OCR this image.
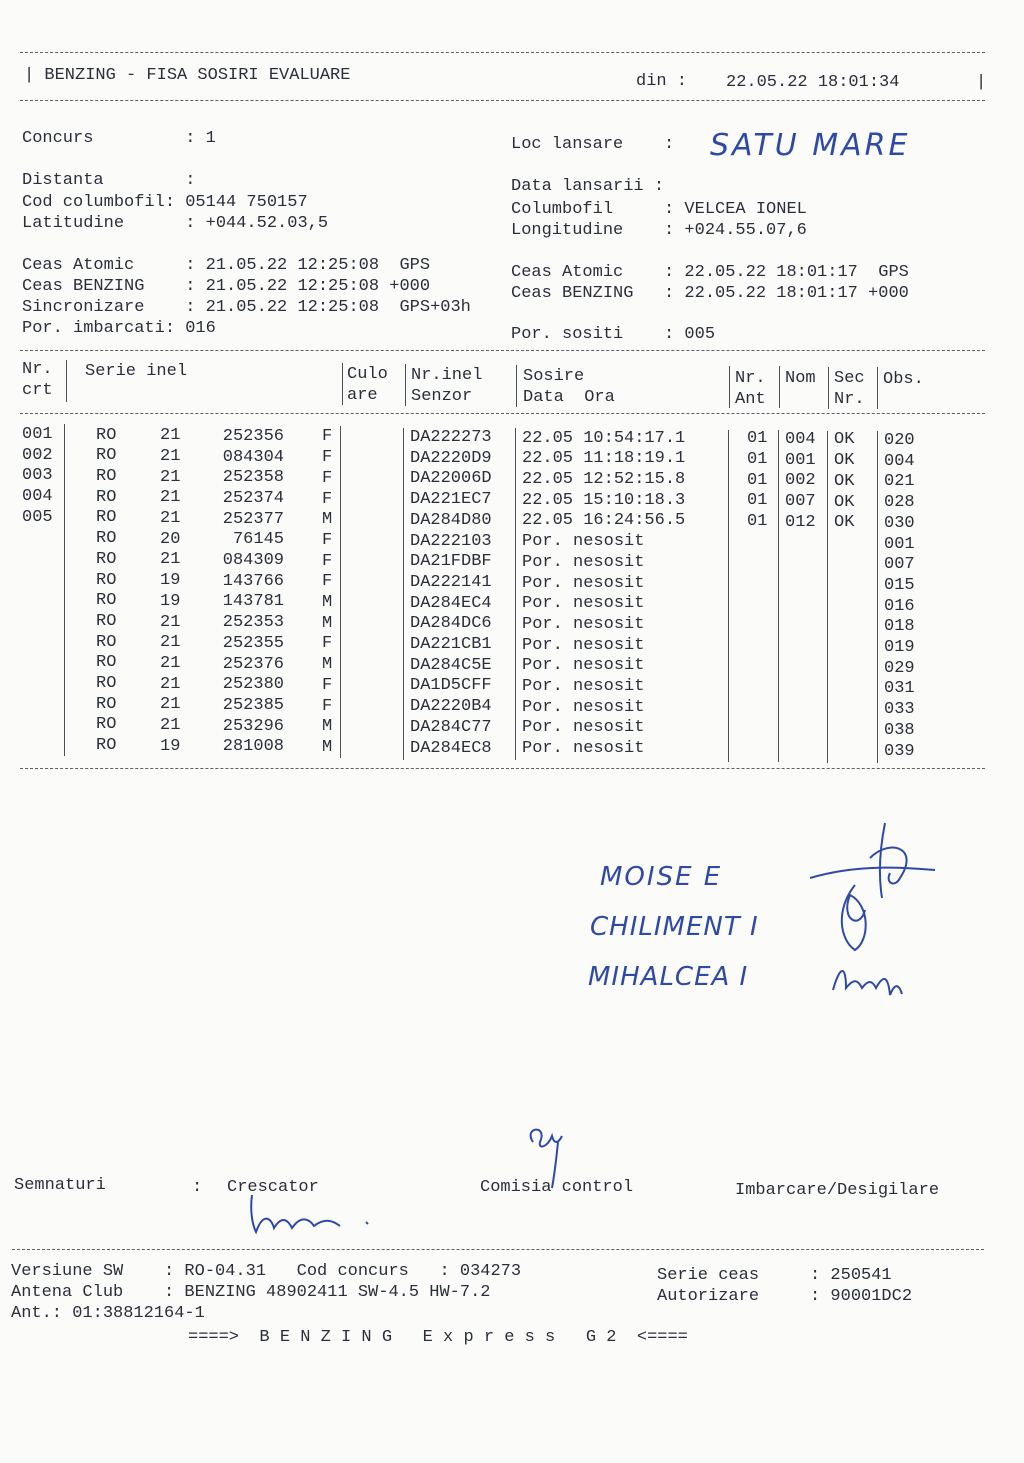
| BENZING - FISA SOSIRI EVALUARE	din : 22.05.22 18:01:34	|
Concurs         : 1	Loc lansare    : SATU MARE
Distanta        :	Data lansarii :
Cod columbofil: 05144 750157	Columbofil     : VELCEA IONEL
Latitudine      : +044.52.03,5	Longitudine    : +024.55.07,6
Ceas Atomic     : 21.05.22 12:25:08  GPS	Ceas Atomic    : 22.05.22 18:01:17  GPS
Ceas BENZING    : 21.05.22 12:25:08 +000	Ceas BENZING   : 22.05.22 18:01:17 +000
Sincronizare    : 21.05.22 12:25:08  GPS+03h
Por. imbarcati: 016	Por. sositi    : 005
Nr.
crt
Serie inel	Culo
are
Nr.inel
Senzor
Sosire
Data  Ora
Nr.
Ant
Nom Sec
Nr.
Obs.
001	RO	21	252356 F	DA222273 22.05 10:54:17.1	01 004 OK 020
002	RO	21	084304 F	DA2220D9 22.05 11:18:19.1	01 001 OK 004
003	RO	21	252358 F	DA22006D 22.05 12:52:15.8	01 002 OK 021
004	RO	21	252374 F	DA221EC7 22.05 15:10:18.3	01 007 OK 028
005	RO	21	252377 M	DA284D80 22.05 16:24:56.5	01 012 OK 030
RO	20	76145 F	DA222103 Por. nesosit	001
RO	21	084309 F	DA21FDBF Por. nesosit	007
RO	19	143766 F	DA222141 Por. nesosit	015
RO	19	143781 M	DA284EC4 Por. nesosit	016
RO	21	252353 M	DA284DC6 Por. nesosit	018
RO	21	252355 F	DA221CB1 Por. nesosit	019
RO	21	252376 M	DA284C5E Por. nesosit	029
RO	21	252380 F	DA1D5CFF Por. nesosit	031
RO	21	252385 F	DA2220B4 Por. nesosit	033
RO	21	253296 M	DA284C77 Por. nesosit	038
RO	19	281008 M	DA284EC8 Por. nesosit	039
MOISE E
CHILIMENT I
MIHALCEA I
Semnaturi	: Crescator	Comisia control	Imbarcare/Desigilare
Versiune SW    : RO-04.31   Cod concurs   : 034273	Serie ceas     : 250541
Antena Club    : BENZING 48902411 SW-4.5 HW-7.2	Autorizare     : 90001DC2
Ant.: 01:38812164-1
====>  B E N Z I N G   E x p r e s s   G 2  <====
